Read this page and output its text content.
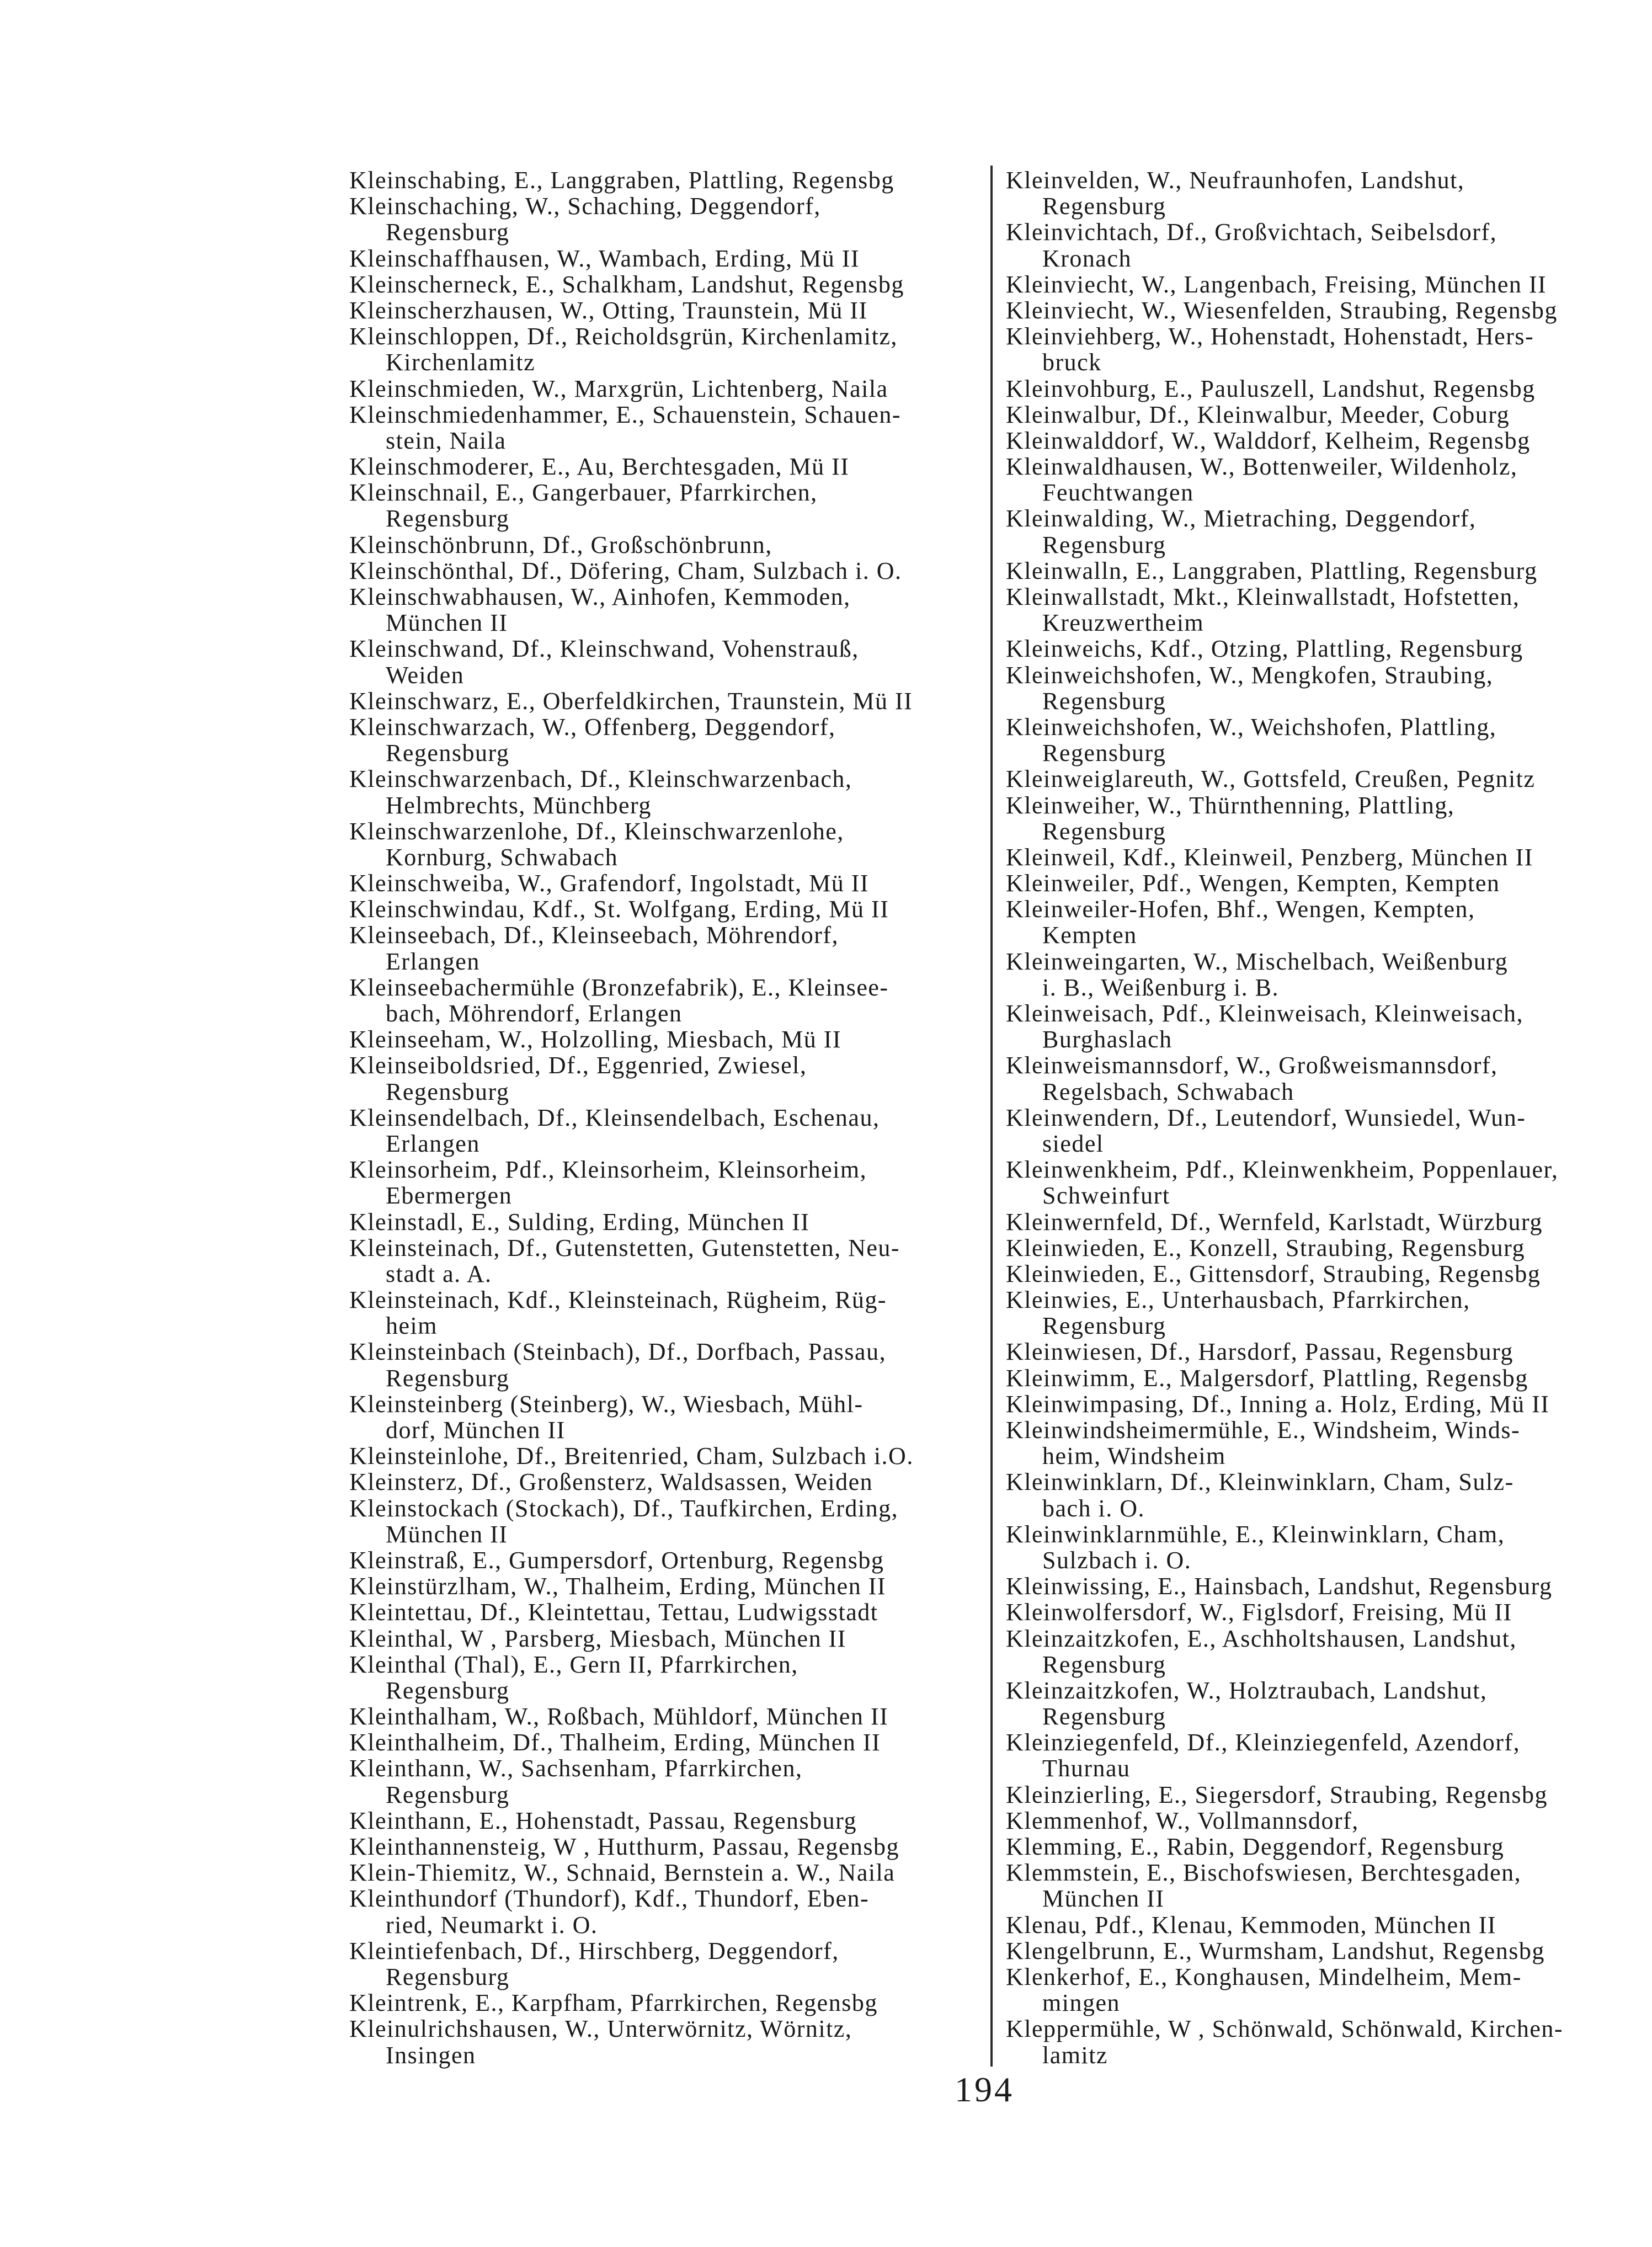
Kleinschabing, E., Langgraben, Plattling, Regensbg
Kleinschaching, W., Schaching, Deggendorf,
Regensburg
Kleinschaffhausen, W., Wambach, Erding, Mü II
Kleinscherneck, E., Schalkham, Landshut, Regensbg
Kleinscherzhausen, W., Otting, Traunstein, Mü II
Kleinschloppen, Df., Reicholdsgrün, Kirchenlamitz,
Kirchenlamitz
Kleinschmieden, W., Marxgrün, Lichtenberg, Naila
Kleinschmiedenhammer, E., Schauenstein, Schauen-
stein, Naila
Kleinschmoderer, E., Au, Berchtesgaden, Mü II
Kleinschnail, E., Gangerbauer, Pfarrkirchen,
Regensburg
Kleinschönbrunn, Df., Großschönbrunn,
Kleinschönthal, Df., Döfering, Cham, Sulzbach i. O.
Kleinschwabhausen, W., Ainhofen, Kemmoden,
München II
Kleinschwand, Df., Kleinschwand, Vohenstrauß,
Weiden
Kleinschwarz, E., Oberfeldkirchen, Traunstein, Mü II
Kleinschwarzach, W., Offenberg, Deggendorf,
Regensburg
Kleinschwarzenbach, Df., Kleinschwarzenbach,
Helmbrechts, Münchberg
Kleinschwarzenlohe, Df., Kleinschwarzenlohe,
Kornburg, Schwabach
Kleinschweiba, W., Grafendorf, Ingolstadt, Mü II
Kleinschwindau, Kdf., St. Wolfgang, Erding, Mü II
Kleinseebach, Df., Kleinseebach, Möhrendorf,
Erlangen
Kleinseebachermühle (Bronzefabrik), E., Kleinsee-
bach, Möhrendorf, Erlangen
Kleinseeham, W., Holzolling, Miesbach, Mü II
Kleinseiboldsried, Df., Eggenried, Zwiesel,
Regensburg
Kleinsendelbach, Df., Kleinsendelbach, Eschenau,
Erlangen
Kleinsorheim, Pdf., Kleinsorheim, Kleinsorheim,
Ebermergen
Kleinstadl, E., Sulding, Erding, München II
Kleinsteinach, Df., Gutenstetten, Gutenstetten, Neu-
stadt a. A.
Kleinsteinach, Kdf., Kleinsteinach, Rügheim, Rüg-
heim
Kleinsteinbach (Steinbach), Df., Dorfbach, Passau,
Regensburg
Kleinsteinberg (Steinberg), W., Wiesbach, Mühl-
dorf, München II
Kleinsteinlohe, Df., Breitenried, Cham, Sulzbach i.O.
Kleinsterz, Df., Großensterz, Waldsassen, Weiden
Kleinstockach (Stockach), Df., Taufkirchen, Erding,
München II
Kleinstraß, E., Gumpersdorf, Ortenburg, Regensbg
Kleinstürzlham, W., Thalheim, Erding, München II
Kleintettau, Df., Kleintettau, Tettau, Ludwigsstadt
Kleinthal, W , Parsberg, Miesbach, München II
Kleinthal (Thal), E., Gern II, Pfarrkirchen,
Regensburg
Kleinthalham, W., Roßbach, Mühldorf, München II
Kleinthalheim, Df., Thalheim, Erding, München II
Kleinthann, W., Sachsenham, Pfarrkirchen,
Regensburg
Kleinthann, E., Hohenstadt, Passau, Regensburg
Kleinthannensteig, W , Hutthurm, Passau, Regensbg
Klein-Thiemitz, W., Schnaid, Bernstein a. W., Naila
Kleinthundorf (Thundorf), Kdf., Thundorf, Eben-
ried, Neumarkt i. O.
Kleintiefenbach, Df., Hirschberg, Deggendorf,
Regensburg
Kleintrenk, E., Karpfham, Pfarrkirchen, Regensbg
Kleinulrichshausen, W., Unterwörnitz, Wörnitz,
Insingen
Kleinvelden, W., Neufraunhofen, Landshut,
Regensburg
Kleinvichtach, Df., Großvichtach, Seibelsdorf,
Kronach
Kleinviecht, W., Langenbach, Freising, München II
Kleinviecht, W., Wiesenfelden, Straubing, Regensbg
Kleinviehberg, W., Hohenstadt, Hohenstadt, Hers-
bruck
Kleinvohburg, E., Pauluszell, Landshut, Regensbg
Kleinwalbur, Df., Kleinwalbur, Meeder, Coburg
Kleinwalddorf, W., Walddorf, Kelheim, Regensbg
Kleinwaldhausen, W., Bottenweiler, Wildenholz,
Feuchtwangen
Kleinwalding, W., Mietraching, Deggendorf,
Regensburg
Kleinwalln, E., Langgraben, Plattling, Regensburg
Kleinwallstadt, Mkt., Kleinwallstadt, Hofstetten,
Kreuzwertheim
Kleinweichs, Kdf., Otzing, Plattling, Regensburg
Kleinweichshofen, W., Mengkofen, Straubing,
Regensburg
Kleinweichshofen, W., Weichshofen, Plattling,
Regensburg
Kleinweiglareuth, W., Gottsfeld, Creußen, Pegnitz
Kleinweiher, W., Thürnthenning, Plattling,
Regensburg
Kleinweil, Kdf., Kleinweil, Penzberg, München II
Kleinweiler, Pdf., Wengen, Kempten, Kempten
Kleinweiler-Hofen, Bhf., Wengen, Kempten,
Kempten
Kleinweingarten, W., Mischelbach, Weißenburg
i. B., Weißenburg i. B.
Kleinweisach, Pdf., Kleinweisach, Kleinweisach,
Burghaslach
Kleinweismannsdorf, W., Großweismannsdorf,
Regelsbach, Schwabach
Kleinwendern, Df., Leutendorf, Wunsiedel, Wun-
siedel
Kleinwenkheim, Pdf., Kleinwenkheim, Poppenlauer,
Schweinfurt
Kleinwernfeld, Df., Wernfeld, Karlstadt, Würzburg
Kleinwieden, E., Konzell, Straubing, Regensburg
Kleinwieden, E., Gittensdorf, Straubing, Regensbg
Kleinwies, E., Unterhausbach, Pfarrkirchen,
Regensburg
Kleinwiesen, Df., Harsdorf, Passau, Regensburg
Kleinwimm, E., Malgersdorf, Plattling, Regensbg
Kleinwimpasing, Df., Inning a. Holz, Erding, Mü II
Kleinwindsheimermühle, E., Windsheim, Winds-
heim, Windsheim
Kleinwinklarn, Df., Kleinwinklarn, Cham, Sulz-
bach i. O.
Kleinwinklarnmühle, E., Kleinwinklarn, Cham,
Sulzbach i. O.
Kleinwissing, E., Hainsbach, Landshut, Regensburg
Kleinwolfersdorf, W., Figlsdorf, Freising, Mü II
Kleinzaitzkofen, E., Aschholtshausen, Landshut,
Regensburg
Kleinzaitzkofen, W., Holztraubach, Landshut,
Regensburg
Kleinziegenfeld, Df., Kleinziegenfeld, Azendorf,
Thurnau
Kleinzierling, E., Siegersdorf, Straubing, Regensbg
Klemmenhof, W., Vollmannsdorf,
Klemming, E., Rabin, Deggendorf, Regensburg
Klemmstein, E., Bischofswiesen, Berchtesgaden,
München II
Klenau, Pdf., Klenau, Kemmoden, München II
Klengelbrunn, E., Wurmsham, Landshut, Regensbg
Klenkerhof, E., Konghausen, Mindelheim, Mem-
mingen
Kleppermühle, W , Schönwald, Schönwald, Kirchen-
lamitz
194
